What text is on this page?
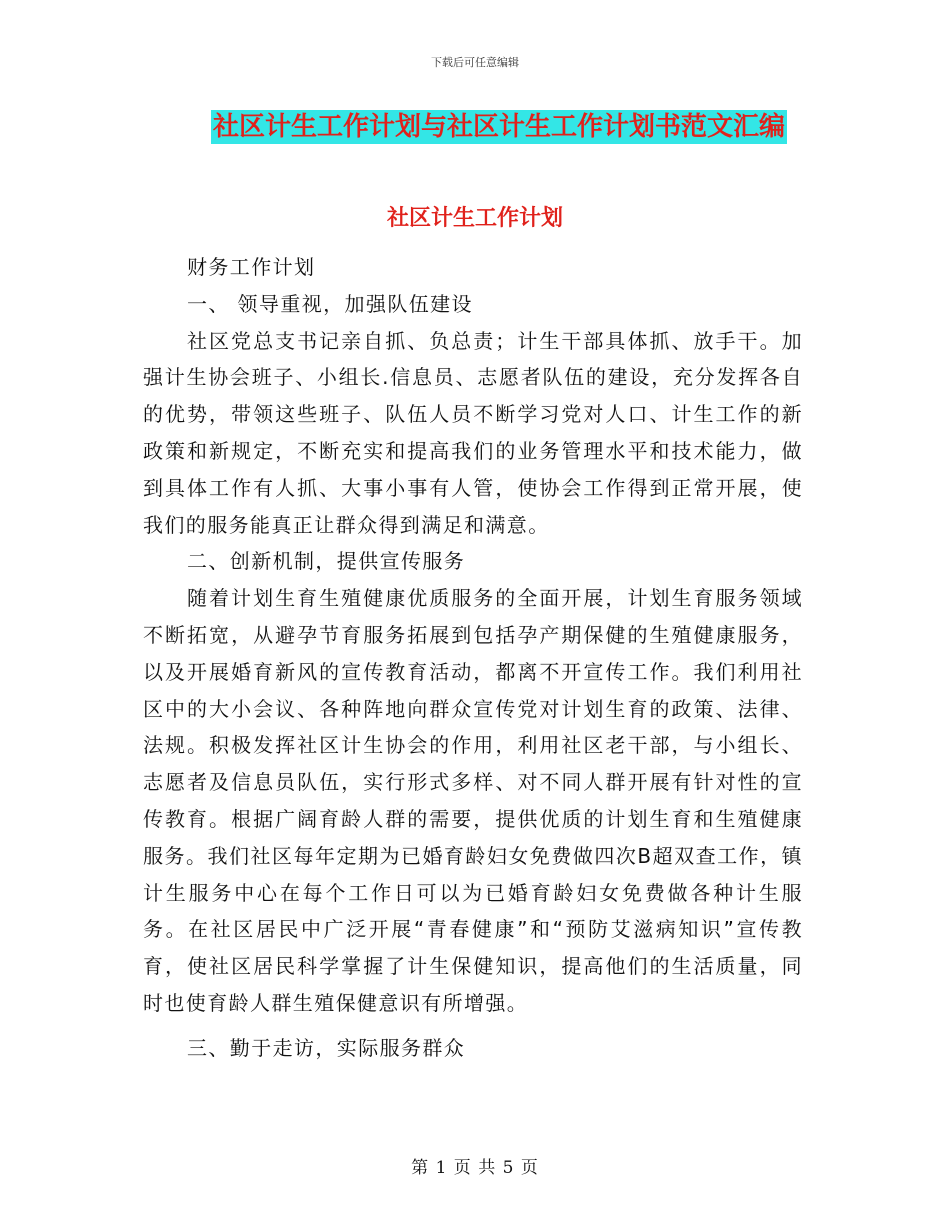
下载后可任意编辑
社区计生工作计划与社区计生工作计划书范文汇编
社区计生工作计划

财务工作计划

一、 领导重视，加强队伍建设

社区党总支书记亲自抓、负总责；计生干部具体抓、放手干。加强计生协会班子、小组长.信息员、志愿者队伍的建设，充分发挥各自的优势，带领这些班子、队伍人员不断学习党对人口、计生工作的新政策和新规定，不断充实和提高我们的业务管理水平和技术能力，做到具体工作有人抓、大事小事有人管，使协会工作得到正常开展，使我们的服务能真正让群众得到满足和满意。

二、创新机制，提供宣传服务

随着计划生育生殖健康优质服务的全面开展，计划生育服务领域不断拓宽，从避孕节育服务拓展到包括孕产期保健的生殖健康服务，以及开展婚育新风的宣传教育活动，都离不开宣传工作。我们利用社区中的大小会议、各种阵地向群众宣传党对计划生育的政策、法律、法规。积极发挥社区计生协会的作用，利用社区老干部，与小组长、志愿者及信息员队伍，实行形式多样、对不同人群开展有针对性的宣传教育。根据广阔育龄人群的需要，提供优质的计划生育和生殖健康服务。我们社区每年定期为已婚育龄妇女免费做四次B超双查工作，镇计生服务中心在每个工作日可以为已婚育龄妇女免费做各种计生服务。在社区居民中广泛开展“青春健康”和“预防艾滋病知识”宣传教育，使社区居民科学掌握了计生保健知识，提高他们的生活质量，同时也使育龄人群生殖保健意识有所增强。

三、勤于走访，实际服务群众

第 1 页 共 5 页
